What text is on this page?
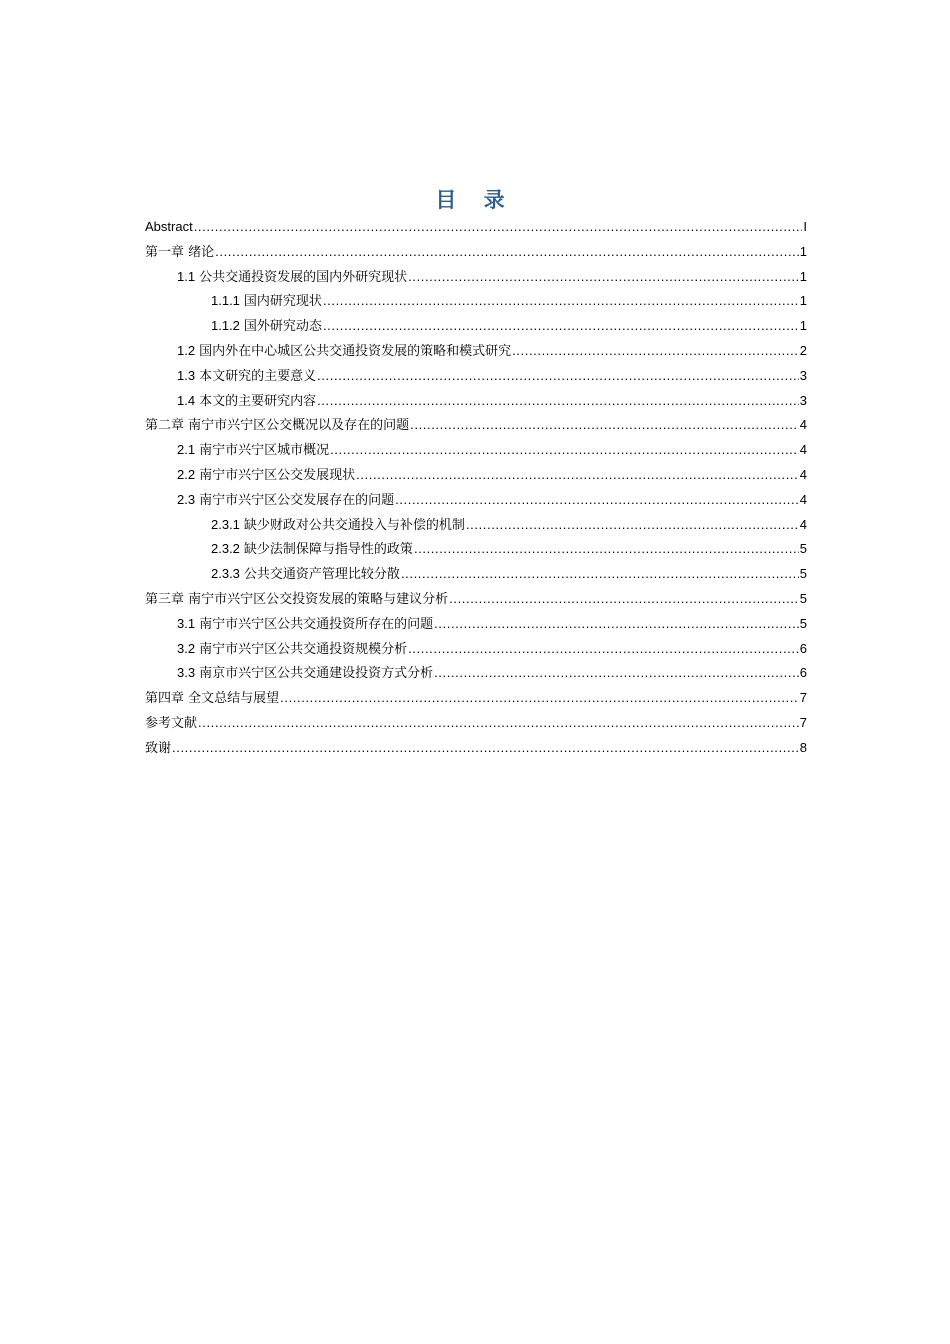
目 录
Abstract .....	I
第一章 绪论 .....	1
1.1 公共交通投资发展的国内外研究现状 .....	1
1.1.1 国内研究现状 .....	1
1.1.2 国外研究动态 .....	1
1.2 国内外在中心城区公共交通投资发展的策略和模式研究 .....	2
1.3 本文研究的主要意义 .....	3
1.4 本文的主要研究内容 .....	3
第二章 南宁市兴宁区公交概况以及存在的问题 .....	4
2.1 南宁市兴宁区城市概况 .....	4
2.2 南宁市兴宁区公交发展现状 .....	4
2.3 南宁市兴宁区公交发展存在的问题 .....	4
2.3.1 缺少财政对公共交通投入与补偿的机制 .....	4
2.3.2 缺少法制保障与指导性的政策 .....	5
2.3.3 公共交通资产管理比较分散 .....	5
第三章 南宁市兴宁区公交投资发展的策略与建议分析 .....	5
3.1 南宁市兴宁区公共交通投资所存在的问题 .....	5
3.2 南宁市兴宁区公共交通投资规模分析 .....	6
3.3 南京市兴宁区公共交通建设投资方式分析 .....	6
第四章 全文总结与展望 .....	7
参考文献 .....	7
致谢 .....	8
